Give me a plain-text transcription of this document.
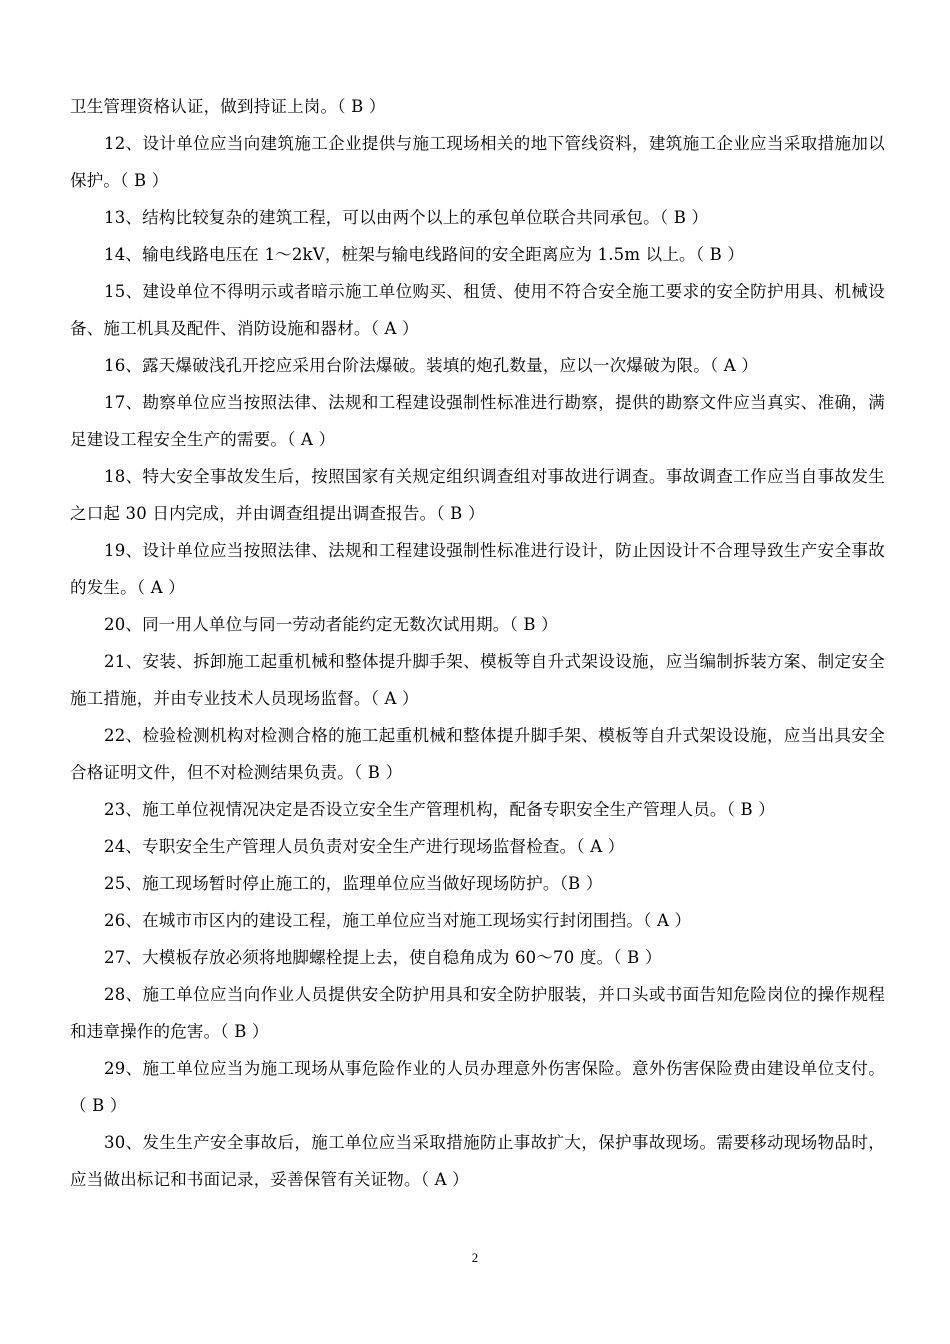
卫生管理资格认证，做到持证上岗。（ B ）

12、设计单位应当向建筑施工企业提供与施工现场相关的地下管线资料，建筑施工企业应当采取措施加以保护。（ B ）

13、结构比较复杂的建筑工程，可以由两个以上的承包单位联合共同承包。（ B ）

14、输电线路电压在 1～2kV，桩架与输电线路间的安全距离应为 1.5m 以上。（ B ）

15、建设单位不得明示或者暗示施工单位购买、租赁、使用不符合安全施工要求的安全防护用具、机械设备、施工机具及配件、消防设施和器材。（ A ）

16、露天爆破浅孔开挖应采用台阶法爆破。装填的炮孔数量，应以一次爆破为限。（ A ）

17、勘察单位应当按照法律、法规和工程建设强制性标准进行勘察，提供的勘察文件应当真实、准确，满足建设工程安全生产的需要。（ A ）

18、特大安全事故发生后，按照国家有关规定组织调查组对事故进行调查。事故调查工作应当自事故发生之口起 30 日内完成，并由调查组提出调查报告。（ B ）

19、设计单位应当按照法律、法规和工程建设强制性标准进行设计，防止因设计不合理导致生产安全事故的发生。（ A ）

20、同一用人单位与同一劳动者能约定无数次试用期。（ B ）

21、安装、拆卸施工起重机械和整体提升脚手架、模板等自升式架设设施，应当编制拆装方案、制定安全施工措施，并由专业技术人员现场监督。（ A ）

22、检验检测机构对检测合格的施工起重机械和整体提升脚手架、模板等自升式架设设施，应当出具安全合格证明文件，但不对检测结果负责。（ B ）

23、施工单位视情况决定是否设立安全生产管理机构，配备专职安全生产管理人员。（ B ）

24、专职安全生产管理人员负责对安全生产进行现场监督检查。（ A ）

25、施工现场暂时停止施工的，监理单位应当做好现场防护。（B ）

26、在城市市区内的建设工程，施工单位应当对施工现场实行封闭围挡。（ A ）

27、大模板存放必须将地脚螺栓提上去，使自稳角成为 60～70 度。（ B ）

28、施工单位应当向作业人员提供安全防护用具和安全防护服装，并口头或书面告知危险岗位的操作规程和违章操作的危害。（ B ）

29、施工单位应当为施工现场从事危险作业的人员办理意外伤害保险。意外伤害保险费由建设单位支付。（ B ）

30、发生生产安全事故后，施工单位应当采取措施防止事故扩大，保护事故现场。需要移动现场物品时，应当做出标记和书面记录，妥善保管有关证物。（ A ）

2
